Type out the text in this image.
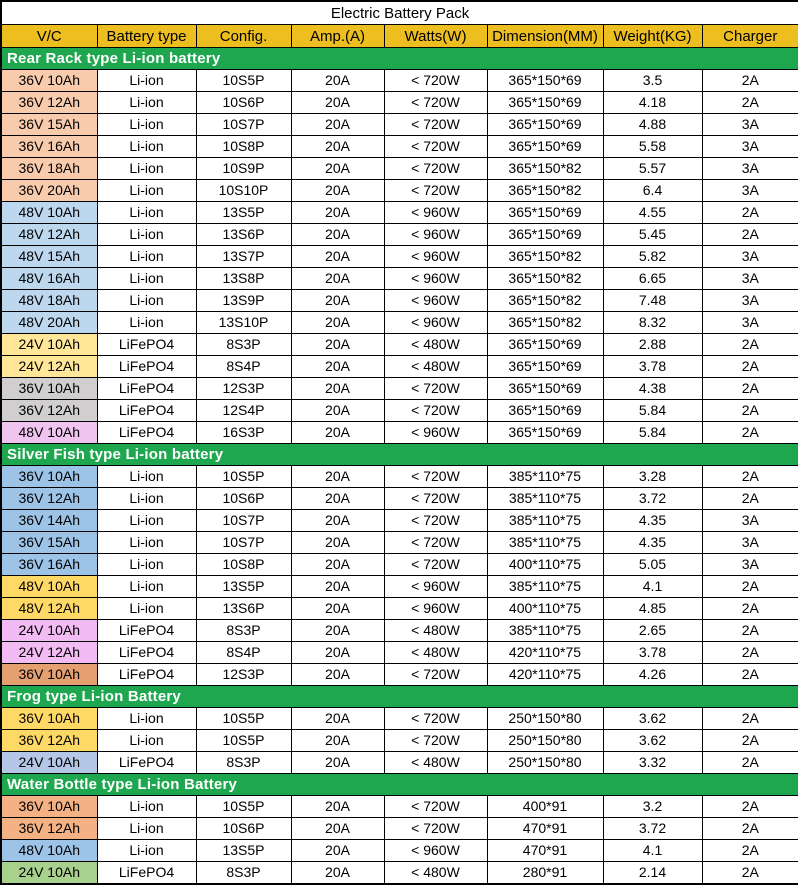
Electric Battery Pack							
V/C	Battery type	Config.	Amp.(A)	Watts(W)	Dimension(MM)	Weight(KG)	Charger
Rear Rack type Li-ion battery							
36V 10Ah	Li-ion	10S5P	20A	< 720W	365*150*69	3.5	2A
36V 12Ah	Li-ion	10S6P	20A	< 720W	365*150*69	4.18	2A
36V 15Ah	Li-ion	10S7P	20A	< 720W	365*150*69	4.88	3A
36V 16Ah	Li-ion	10S8P	20A	< 720W	365*150*69	5.58	3A
36V 18Ah	Li-ion	10S9P	20A	< 720W	365*150*82	5.57	3A
36V 20Ah	Li-ion	10S10P	20A	< 720W	365*150*82	6.4	3A
48V 10Ah	Li-ion	13S5P	20A	< 960W	365*150*69	4.55	2A
48V 12Ah	Li-ion	13S6P	20A	< 960W	365*150*69	5.45	2A
48V 15Ah	Li-ion	13S7P	20A	< 960W	365*150*82	5.82	3A
48V 16Ah	Li-ion	13S8P	20A	< 960W	365*150*82	6.65	3A
48V 18Ah	Li-ion	13S9P	20A	< 960W	365*150*82	7.48	3A
48V 20Ah	Li-ion	13S10P	20A	< 960W	365*150*82	8.32	3A
24V 10Ah	LiFePO4	8S3P	20A	< 480W	365*150*69	2.88	2A
24V 12Ah	LiFePO4	8S4P	20A	< 480W	365*150*69	3.78	2A
36V 10Ah	LiFePO4	12S3P	20A	< 720W	365*150*69	4.38	2A
36V 12Ah	LiFePO4	12S4P	20A	< 720W	365*150*69	5.84	2A
48V 10Ah	LiFePO4	16S3P	20A	< 960W	365*150*69	5.84	2A
Silver Fish type Li-ion battery							
36V 10Ah	Li-ion	10S5P	20A	< 720W	385*110*75	3.28	2A
36V 12Ah	Li-ion	10S6P	20A	< 720W	385*110*75	3.72	2A
36V 14Ah	Li-ion	10S7P	20A	< 720W	385*110*75	4.35	3A
36V 15Ah	Li-ion	10S7P	20A	< 720W	385*110*75	4.35	3A
36V 16Ah	Li-ion	10S8P	20A	< 720W	400*110*75	5.05	3A
48V 10Ah	Li-ion	13S5P	20A	< 960W	385*110*75	4.1	2A
48V 12Ah	Li-ion	13S6P	20A	< 960W	400*110*75	4.85	2A
24V 10Ah	LiFePO4	8S3P	20A	< 480W	385*110*75	2.65	2A
24V 12Ah	LiFePO4	8S4P	20A	< 480W	420*110*75	3.78	2A
36V 10Ah	LiFePO4	12S3P	20A	< 720W	420*110*75	4.26	2A
Frog type Li-ion Battery							
36V 10Ah	Li-ion	10S5P	20A	< 720W	250*150*80	3.62	2A
36V 12Ah	Li-ion	10S5P	20A	< 720W	250*150*80	3.62	2A
24V 10Ah	LiFePO4	8S3P	20A	< 480W	250*150*80	3.32	2A
Water Bottle type Li-ion Battery							
36V 10Ah	Li-ion	10S5P	20A	< 720W	400*91	3.2	2A
36V 12Ah	Li-ion	10S6P	20A	< 720W	470*91	3.72	2A
48V 10Ah	Li-ion	13S5P	20A	< 960W	470*91	4.1	2A
24V 10Ah	LiFePO4	8S3P	20A	< 480W	280*91	2.14	2A
